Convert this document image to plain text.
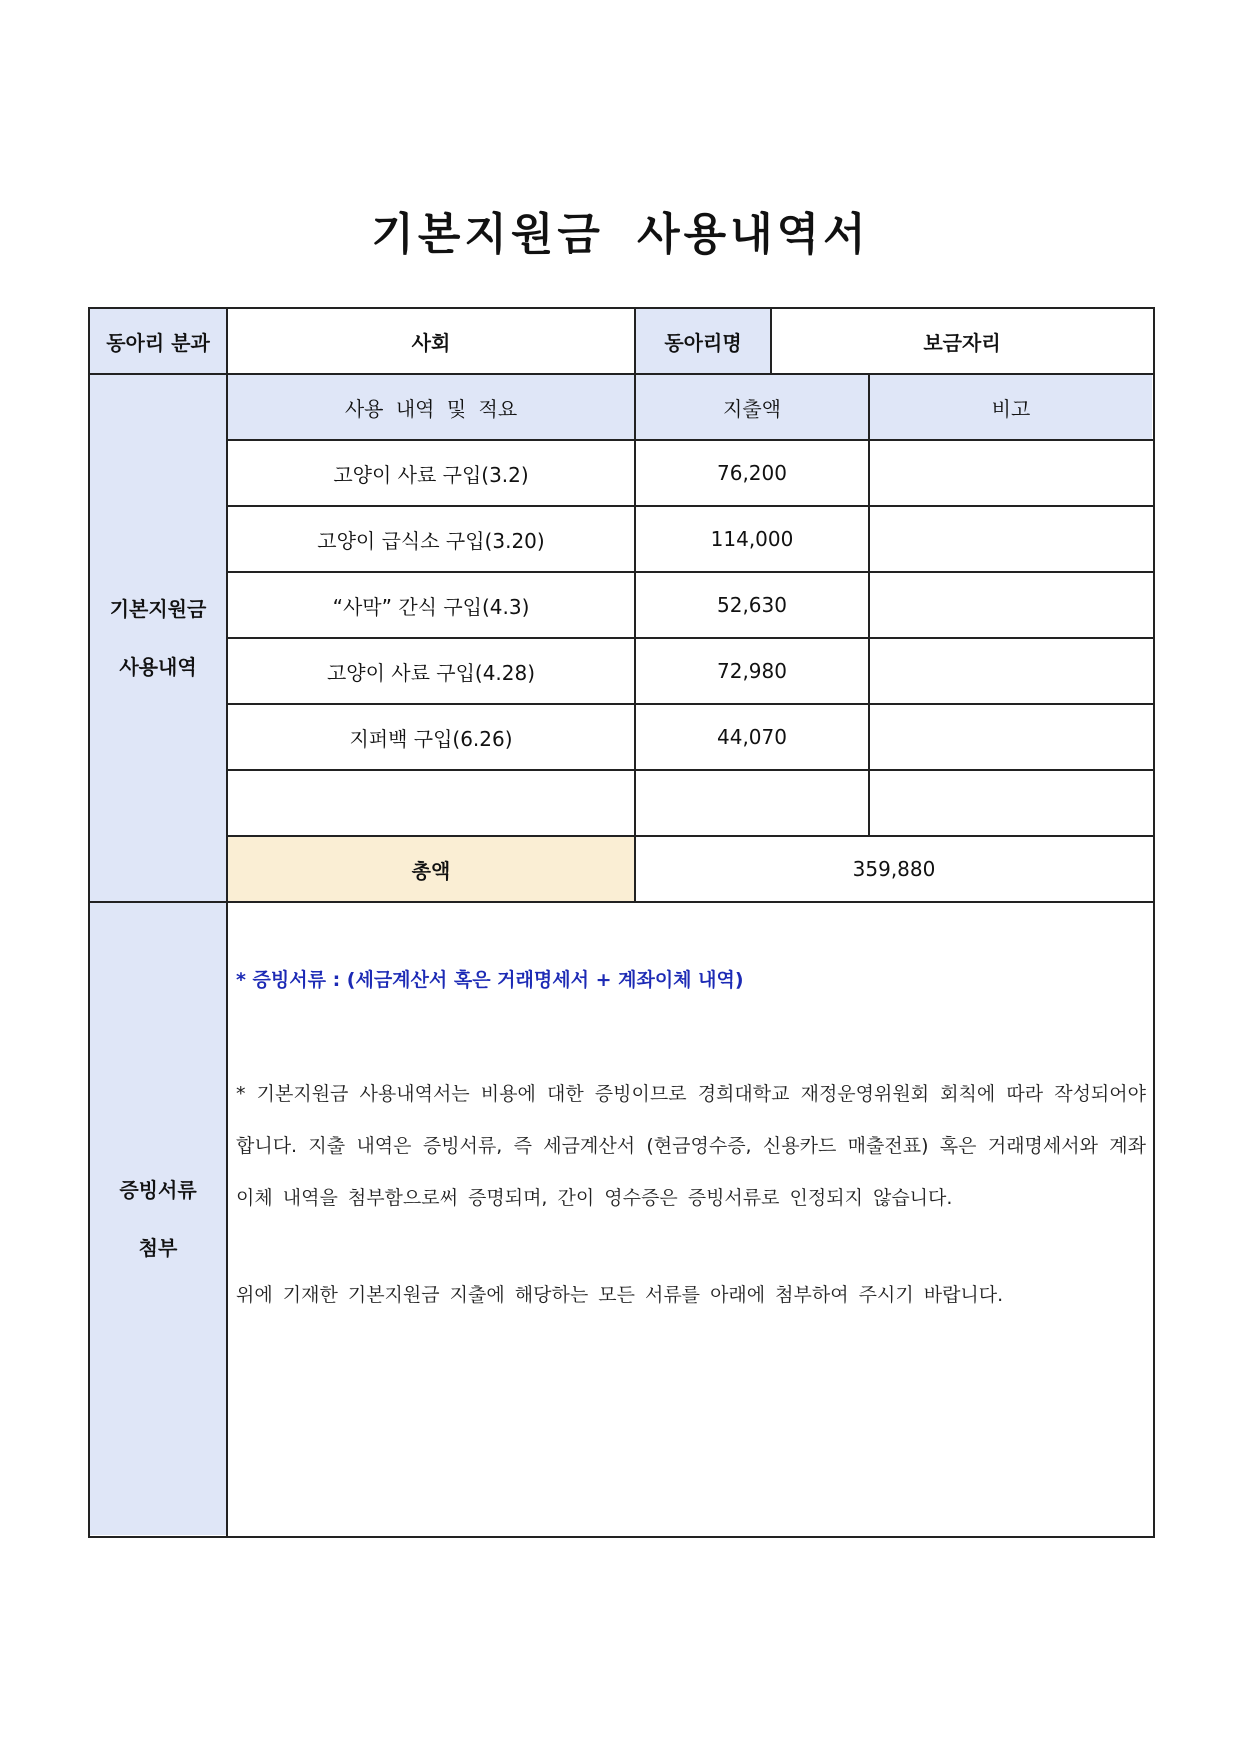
기본지원금 사용내역서
동아리 분과	사회	동아리명	보금자리
기본지원금
사용내역
사용 내역 및 적요	지출액	비고
고양이 사료 구입(3.2)	76,200
고양이 급식소 구입(3.20)	114,000
“사막” 간식 구입(4.3)	52,630
고양이 사료 구입(4.28)	72,980
지퍼백 구입(6.26)	44,070
총액	359,880
증빙서류
첨부
* 증빙서류 : (세금계산서 혹은 거래명세서 + 계좌이체 내역)
* 기본지원금 사용내역서는 비용에 대한 증빙이므로 경희대학교 재정운영위원회 회칙에 따라 작성되어야 합니다. 지출 내역은 증빙서류, 즉 세금계산서 (현금영수증, 신용카드 매출전표) 혹은 거래명세서와 계좌이체 내역을 첨부함으로써 증명되며, 간이 영수증은 증빙서류로 인정되지 않습니다.
위에 기재한 기본지원금 지출에 해당하는 모든 서류를 아래에 첨부하여 주시기 바랍니다.
